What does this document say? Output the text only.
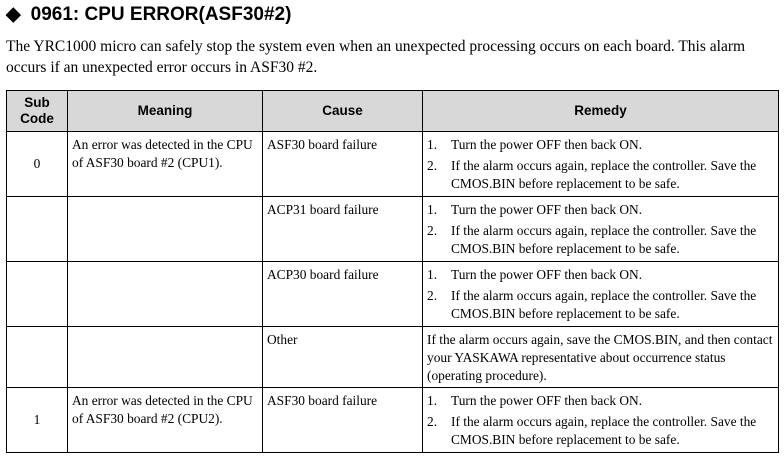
◆ 0961: CPU ERROR(ASF30#2)
The YRC1000 micro can safely stop the system even when an unexpected processing occurs on each board. This alarm occurs if an unexpected error occurs in ASF30 #2.
Sub Code	Meaning	Cause	Remedy
0	An error was detected in the CPU of ASF30 board #2 (CPU1).	ASF30 board failure	1. Turn the power OFF then back ON.
2. If the alarm occurs again, replace the controller. Save the CMOS.BIN before replacement to be safe.

		ACP31 board failure	1. Turn the power OFF then back ON.
2. If the alarm occurs again, replace the controller. Save the CMOS.BIN before replacement to be safe.

		ACP30 board failure	1. Turn the power OFF then back ON.
2. If the alarm occurs again, replace the controller. Save the CMOS.BIN before replacement to be safe.

		Other	If the alarm occurs again, save the CMOS.BIN, and then contact your YASKAWA representative about occurrence status (operating procedure).
1	An error was detected in the CPU of ASF30 board #2 (CPU2).	ASF30 board failure	1. Turn the power OFF then back ON.
2. If the alarm occurs again, replace the controller. Save the CMOS.BIN before replacement to be safe.
